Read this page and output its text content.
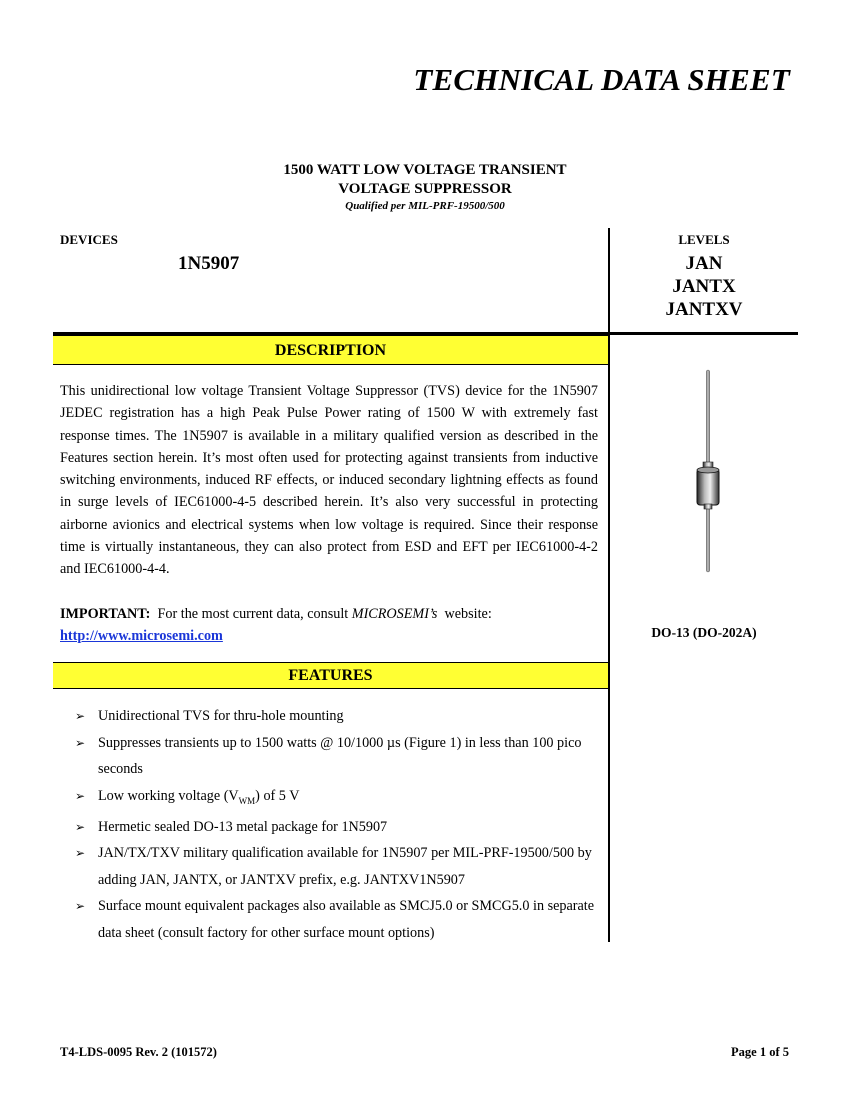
TECHNICAL DATA SHEET
1500 WATT LOW VOLTAGE TRANSIENT
VOLTAGE SUPPRESSOR
Qualified per MIL-PRF-19500/500
DEVICES
1N5907
LEVELS
JAN
JANTX
JANTXV
DESCRIPTION
This unidirectional low voltage Transient Voltage Suppressor (TVS) device for the 1N5907 JEDEC registration has a high Peak Pulse Power rating of 1500 W with extremely fast response times. The 1N5907 is available in a military qualified version as described in the Features section herein. It’s most often used for protecting against transients from inductive switching environments, induced RF effects, or induced secondary lightning effects as found in surge levels of IEC61000-4-5 described herein. It’s also very successful in protecting airborne avionics and electrical systems when low voltage is required. Since their response time is virtually instantaneous, they can also protect from ESD and EFT per IEC61000-4-2 and IEC61000-4-4.
IMPORTANT: For the most current data, consult MICROSEMI’s website:
http://www.microsemi.com
FEATURES
➢ Unidirectional TVS for thru-hole mounting
➢ Suppresses transients up to 1500 watts @ 10/1000 µs (Figure 1) in less than 100 pico seconds
➢ Low working voltage $(V_{WM})$ of 5 V
➢ Hermetic sealed DO-13 metal package for 1N5907
➢ JAN/TX/TXV military qualification available for 1N5907 per MIL-PRF-19500/500 by adding JAN, JANTX, or JANTXV prefix, e.g. JANTXV1N5907
➢ Surface mount equivalent packages also available as SMCJ5.0 or SMCG5.0 in separate data sheet (consult factory for other surface mount options)
DO-13 (DO-202A)
T4-LDS-0095 Rev. 2 (101572)	Page 1 of 5
